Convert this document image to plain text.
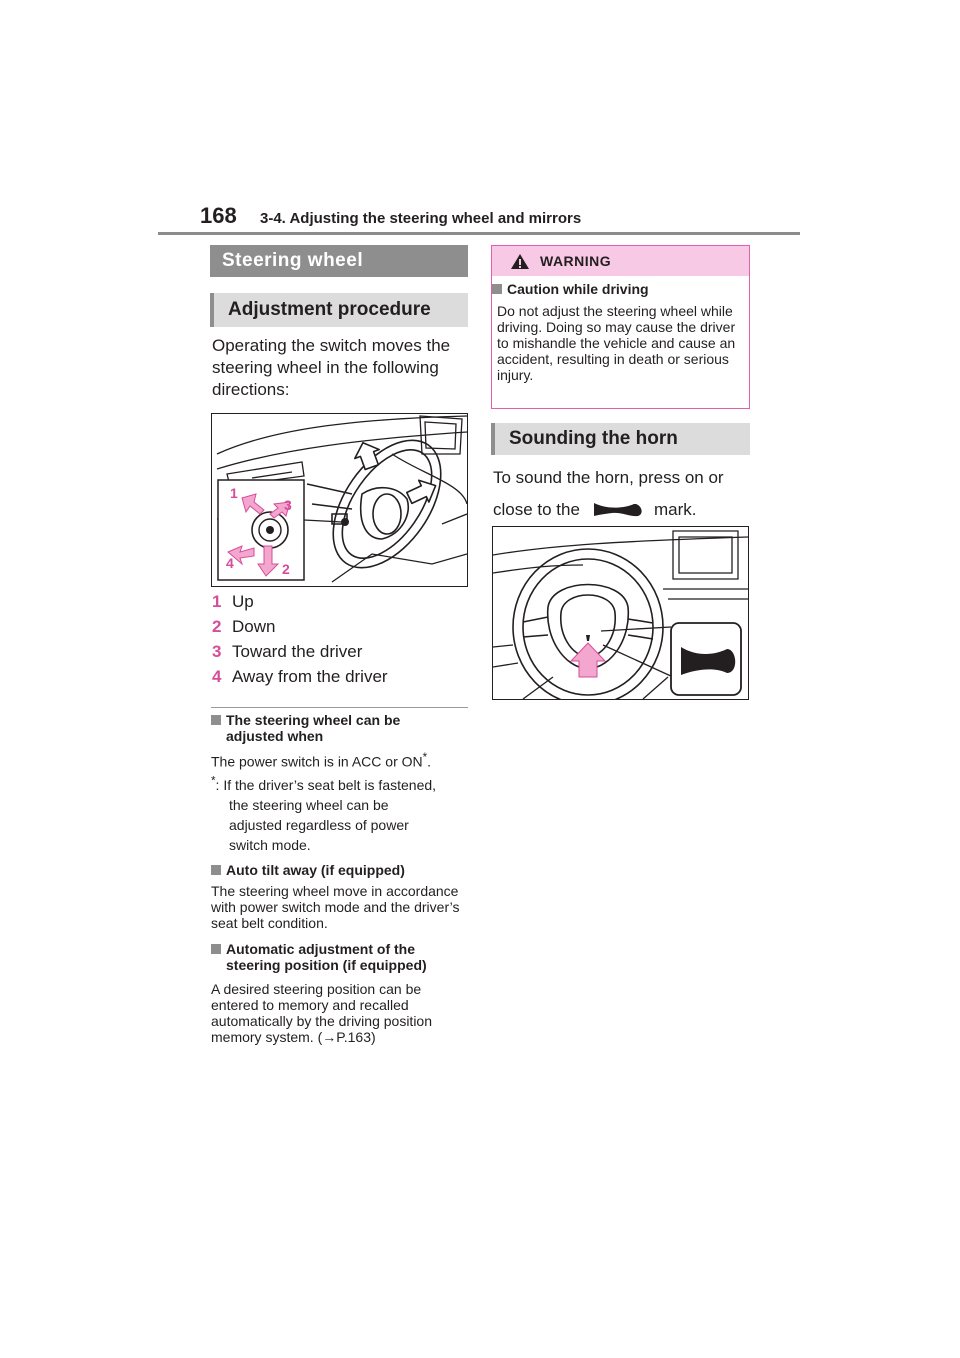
168 3-4. Adjusting the steering wheel and mirrors
Steering wheel
Adjustment procedure
Operating the switch moves the steering wheel in the following directions:
1
2
3
4
1 Up
2 Down
3 Toward the driver
4 Away from the driver
The steering wheel can be
adjusted when
The power switch is in ACC or ON*.
*: If the driver’s seat belt is fastened,
the steering wheel can be
adjusted regardless of power
switch mode.
Auto tilt away (if equipped)
The steering wheel move in accordance with power switch mode and the driver’s seat belt condition.
Automatic adjustment of the
steering position (if equipped)
A desired steering position can be entered to memory and recalled automatically by the driving position memory system. (→P.163)
WARNING
Caution while driving
Do not adjust the steering wheel while driving. Doing so may cause the driver to mishandle the vehicle and cause an accident, resulting in death or serious injury.
Sounding the horn
To sound the horn, press on or close to the	mark.
